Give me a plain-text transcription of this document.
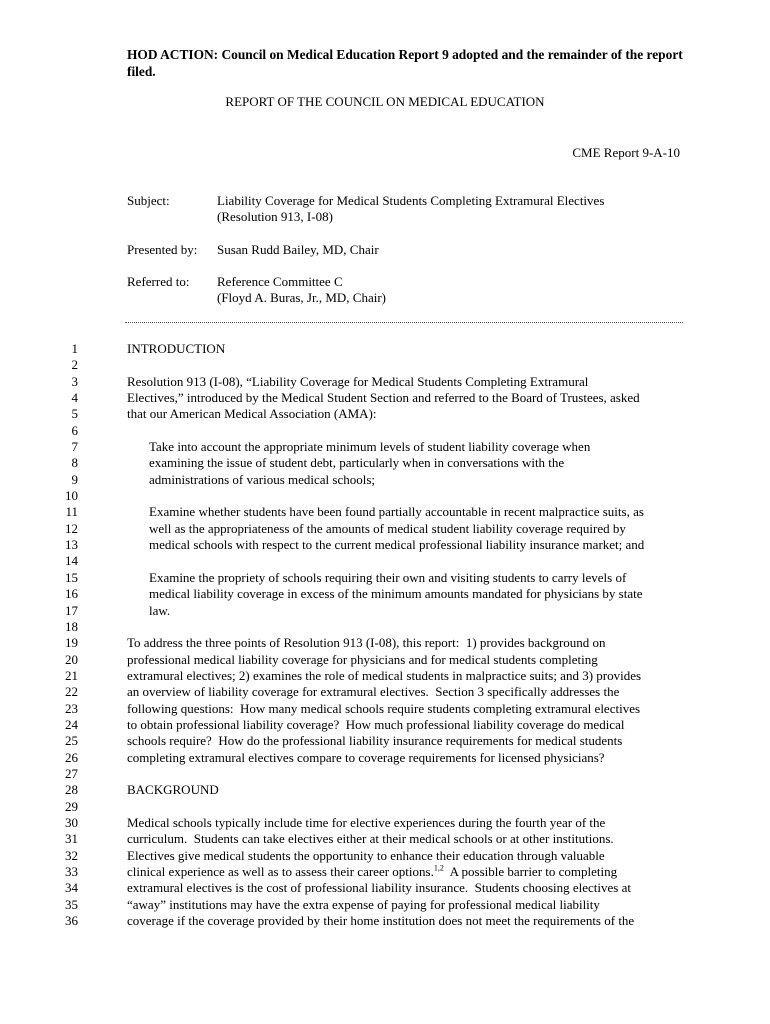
HOD ACTION: Council on Medical Education Report 9 adopted and the remainder of the report filed.
REPORT OF THE COUNCIL ON MEDICAL EDUCATION
CME Report 9-A-10
Subject:	Liability Coverage for Medical Students Completing Extramural Electives
(Resolution 913, I-08)
Presented by: Susan Rudd Bailey, MD, Chair
Referred to: Reference Committee C
(Floyd A. Buras, Jr., MD, Chair)
1	INTRODUCTION
2
3	Resolution 913 (I-08), “Liability Coverage for Medical Students Completing Extramural
4	Electives,” introduced by the Medical Student Section and referred to the Board of Trustees, asked
5	that our American Medical Association (AMA):
6
7	Take into account the appropriate minimum levels of student liability coverage when
8	examining the issue of student debt, particularly when in conversations with the
9	administrations of various medical schools;
10
11	Examine whether students have been found partially accountable in recent malpractice suits, as
12	well as the appropriateness of the amounts of medical student liability coverage required by
13	medical schools with respect to the current medical professional liability insurance market; and
14
15	Examine the propriety of schools requiring their own and visiting students to carry levels of
16	medical liability coverage in excess of the minimum amounts mandated for physicians by state
17	law.
18
19	To address the three points of Resolution 913 (I-08), this report:  1) provides background on
20	professional medical liability coverage for physicians and for medical students completing
21	extramural electives; 2) examines the role of medical students in malpractice suits; and 3) provides
22	an overview of liability coverage for extramural electives.  Section 3 specifically addresses the
23	following questions:  How many medical schools require students completing extramural electives
24	to obtain professional liability coverage?  How much professional liability coverage do medical
25	schools require?  How do the professional liability insurance requirements for medical students
26	completing extramural electives compare to coverage requirements for licensed physicians?
27
28	BACKGROUND
29
30	Medical schools typically include time for elective experiences during the fourth year of the
31	curriculum.  Students can take electives either at their medical schools or at other institutions.
32	Electives give medical students the opportunity to enhance their education through valuable
33	clinical experience as well as to assess their career options.$^{1,2}$  A possible barrier to completing
34	extramural electives is the cost of professional liability insurance.  Students choosing electives at
35	“away” institutions may have the extra expense of paying for professional medical liability
36	coverage if the coverage provided by their home institution does not meet the requirements of the
